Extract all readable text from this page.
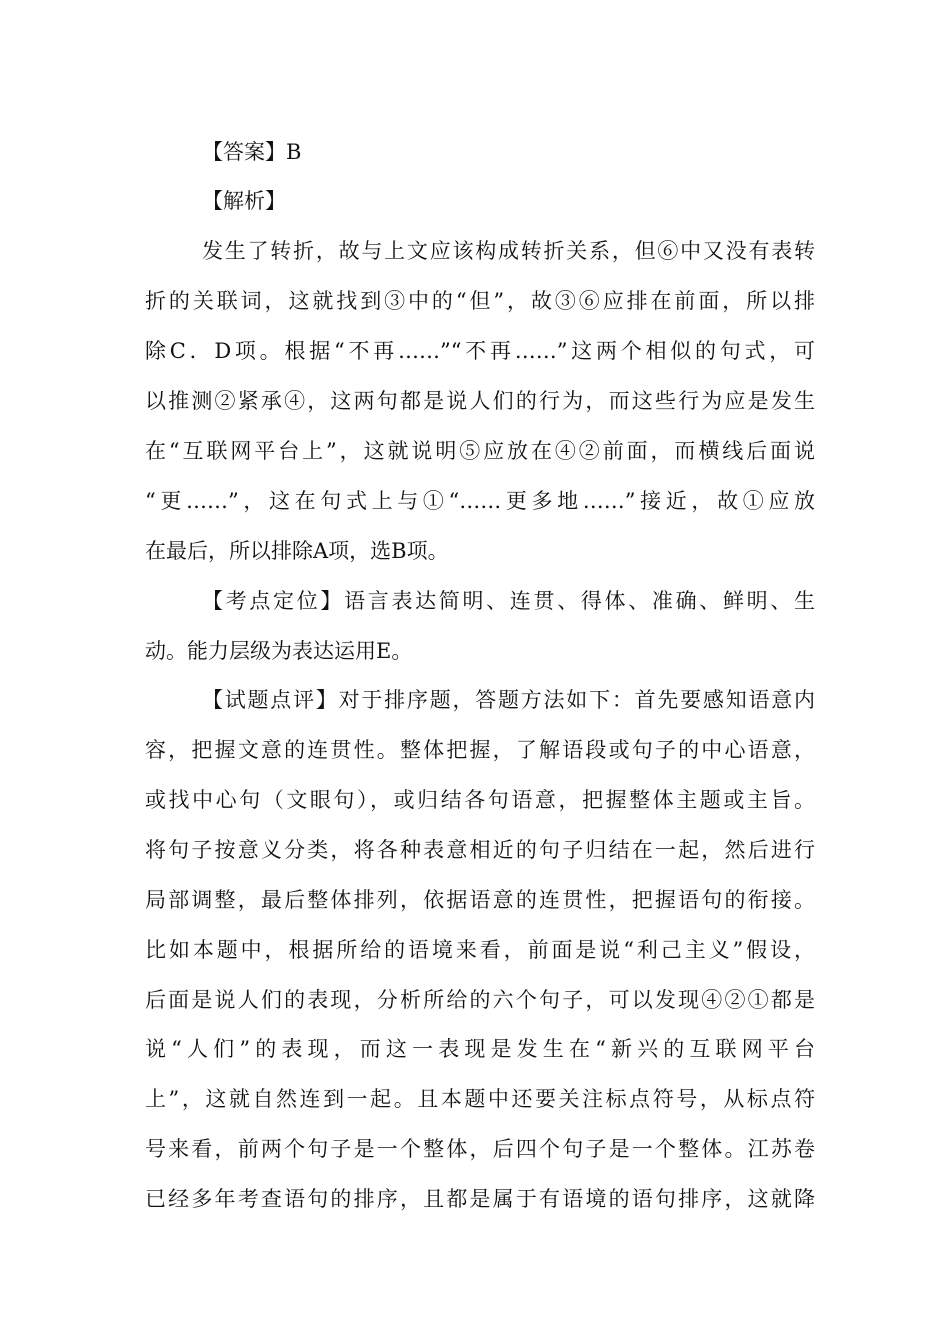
【答案】B
【解析】
发生了转折，故与上文应该构成转折关系，但⑥中又没有表转
折的关联词，这就找到③中的“但”，故③⑥应排在前面，所以排
除C．D项。根据“不再……”“不再……”这两个相似的句式，可
以推测②紧承④，这两句都是说人们的行为，而这些行为应是发生
在“互联网平台上”，这就说明⑤应放在④②前面，而横线后面说
“更……”，这在句式上与①“……更多地……”接近，故①应放
在最后，所以排除A项，选B项。
【考点定位】语言表达简明、连贯、得体、准确、鲜明、生
动。能力层级为表达运用E。
【试题点评】对于排序题，答题方法如下：首先要感知语意内
容，把握文意的连贯性。整体把握，了解语段或句子的中心语意，
或找中心句（文眼句），或归结各句语意，把握整体主题或主旨。
将句子按意义分类，将各种表意相近的句子归结在一起，然后进行
局部调整，最后整体排列，依据语意的连贯性，把握语句的衔接。
比如本题中，根据所给的语境来看，前面是说“利己主义”假设，
后面是说人们的表现，分析所给的六个句子，可以发现④②①都是
说“人们”的表现，而这一表现是发生在“新兴的互联网平台
上”，这就自然连到一起。且本题中还要关注标点符号，从标点符
号来看，前两个句子是一个整体，后四个句子是一个整体。江苏卷
已经多年考查语句的排序，且都是属于有语境的语句排序，这就降
